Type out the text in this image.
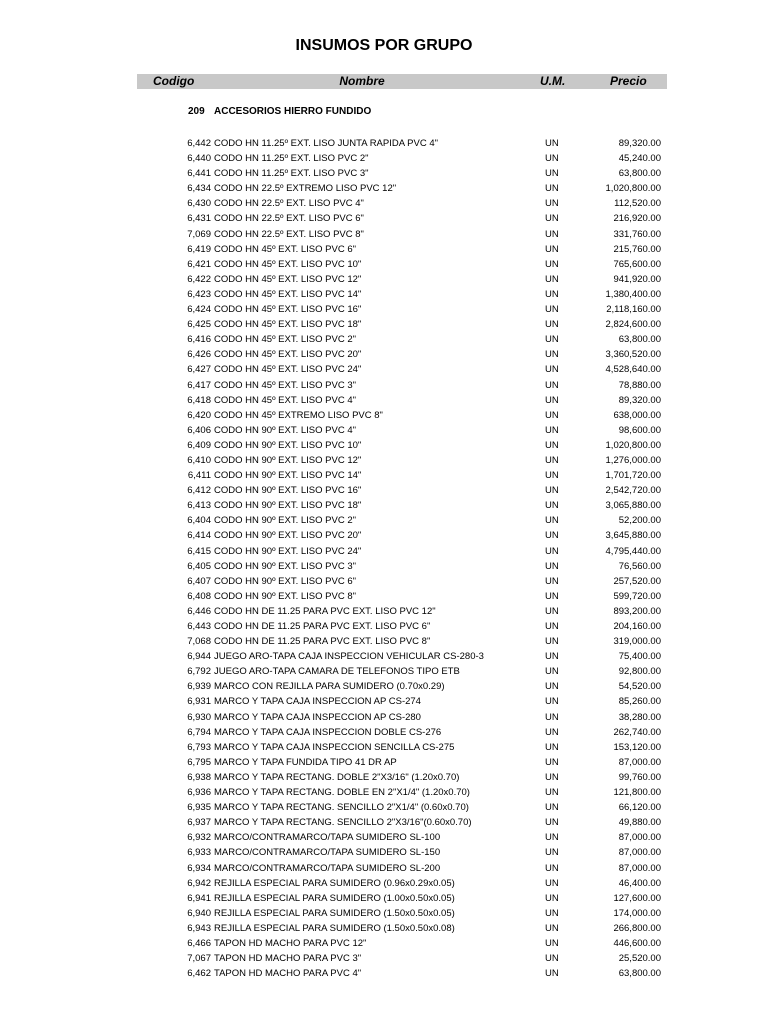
INSUMOS POR GRUPO
Codigo	Nombre	U.M.	Precio
209 ACCESORIOS HIERRO FUNDIDO
6,442 CODO HN 11.25º EXT. LISO JUNTA RAPIDA PVC 4"	UN	89,320.00
6,440 CODO HN 11.25º EXT. LISO PVC 2"	UN	45,240.00
6,441 CODO HN 11.25º EXT. LISO PVC 3"	UN	63,800.00
6,434 CODO HN 22.5º EXTREMO LISO PVC 12"	UN	1,020,800.00
6,430 CODO HN 22.5º EXT. LISO PVC 4"	UN	112,520.00
6,431 CODO HN 22.5º EXT. LISO PVC 6"	UN	216,920.00
7,069 CODO HN 22.5º EXT. LISO PVC 8"	UN	331,760.00
6,419 CODO HN 45º EXT. LISO PVC 6"	UN	215,760.00
6,421 CODO HN 45º EXT. LISO PVC 10"	UN	765,600.00
6,422 CODO HN 45º EXT. LISO PVC 12"	UN	941,920.00
6,423 CODO HN 45º EXT. LISO PVC 14"	UN	1,380,400.00
6,424 CODO HN 45º EXT. LISO PVC 16"	UN	2,118,160.00
6,425 CODO HN 45º EXT. LISO PVC 18"	UN	2,824,600.00
6,416 CODO HN 45º EXT. LISO PVC 2"	UN	63,800.00
6,426 CODO HN 45º EXT. LISO PVC 20"	UN	3,360,520.00
6,427 CODO HN 45º EXT. LISO PVC 24"	UN	4,528,640.00
6,417 CODO HN 45º EXT. LISO PVC 3"	UN	78,880.00
6,418 CODO HN 45º EXT. LISO PVC 4"	UN	89,320.00
6,420 CODO HN 45º EXTREMO LISO PVC 8"	UN	638,000.00
6,406 CODO HN 90º EXT. LISO PVC 4"	UN	98,600.00
6,409 CODO HN 90º EXT. LISO PVC 10"	UN	1,020,800.00
6,410 CODO HN 90º EXT. LISO PVC 12"	UN	1,276,000.00
6,411 CODO HN 90º EXT. LISO PVC 14"	UN	1,701,720.00
6,412 CODO HN 90º EXT. LISO PVC 16"	UN	2,542,720.00
6,413 CODO HN 90º EXT. LISO PVC 18"	UN	3,065,880.00
6,404 CODO HN 90º EXT. LISO PVC 2"	UN	52,200.00
6,414 CODO HN 90º EXT. LISO PVC 20"	UN	3,645,880.00
6,415 CODO HN 90º EXT. LISO PVC 24"	UN	4,795,440.00
6,405 CODO HN 90º EXT. LISO PVC 3"	UN	76,560.00
6,407 CODO HN 90º EXT. LISO PVC 6"	UN	257,520.00
6,408 CODO HN 90º EXT. LISO PVC 8"	UN	599,720.00
6,446 CODO HN DE 11.25 PARA PVC EXT. LISO PVC 12"	UN	893,200.00
6,443 CODO HN DE 11.25 PARA PVC EXT. LISO PVC 6"	UN	204,160.00
7,068 CODO HN DE 11.25 PARA PVC EXT. LISO PVC 8"	UN	319,000.00
6,944 JUEGO ARO-TAPA CAJA INSPECCION VEHICULAR CS-280-3	UN	75,400.00
6,792 JUEGO ARO-TAPA CAMARA DE TELEFONOS TIPO ETB	UN	92,800.00
6,939 MARCO CON REJILLA PARA SUMIDERO (0.70x0.29)	UN	54,520.00
6,931 MARCO Y TAPA CAJA INSPECCION AP CS-274	UN	85,260.00
6,930 MARCO Y TAPA CAJA INSPECCION AP CS-280	UN	38,280.00
6,794 MARCO Y TAPA CAJA INSPECCION DOBLE CS-276	UN	262,740.00
6,793 MARCO Y TAPA CAJA INSPECCION SENCILLA CS-275	UN	153,120.00
6,795 MARCO Y TAPA FUNDIDA TIPO 41 DR AP	UN	87,000.00
6,938 MARCO Y TAPA RECTANG. DOBLE 2"X3/16" (1.20x0.70)	UN	99,760.00
6,936 MARCO Y TAPA RECTANG. DOBLE EN 2"X1/4" (1.20x0.70)	UN	121,800.00
6,935 MARCO Y TAPA RECTANG. SENCILLO 2"X1/4" (0.60x0.70)	UN	66,120.00
6,937 MARCO Y TAPA RECTANG. SENCILLO 2"X3/16"(0.60x0.70)	UN	49,880.00
6,932 MARCO/CONTRAMARCO/TAPA SUMIDERO SL-100	UN	87,000.00
6,933 MARCO/CONTRAMARCO/TAPA SUMIDERO SL-150	UN	87,000.00
6,934 MARCO/CONTRAMARCO/TAPA SUMIDERO SL-200	UN	87,000.00
6,942 REJILLA ESPECIAL PARA SUMIDERO (0.96x0.29x0.05)	UN	46,400.00
6,941 REJILLA ESPECIAL PARA SUMIDERO (1.00x0.50x0.05)	UN	127,600.00
6,940 REJILLA ESPECIAL PARA SUMIDERO (1.50x0.50x0.05)	UN	174,000.00
6,943 REJILLA ESPECIAL PARA SUMIDERO (1.50x0.50x0.08)	UN	266,800.00
6,466 TAPON HD MACHO PARA PVC 12"	UN	446,600.00
7,067 TAPON HD MACHO PARA PVC 3"	UN	25,520.00
6,462 TAPON HD MACHO PARA PVC 4"	UN	63,800.00
